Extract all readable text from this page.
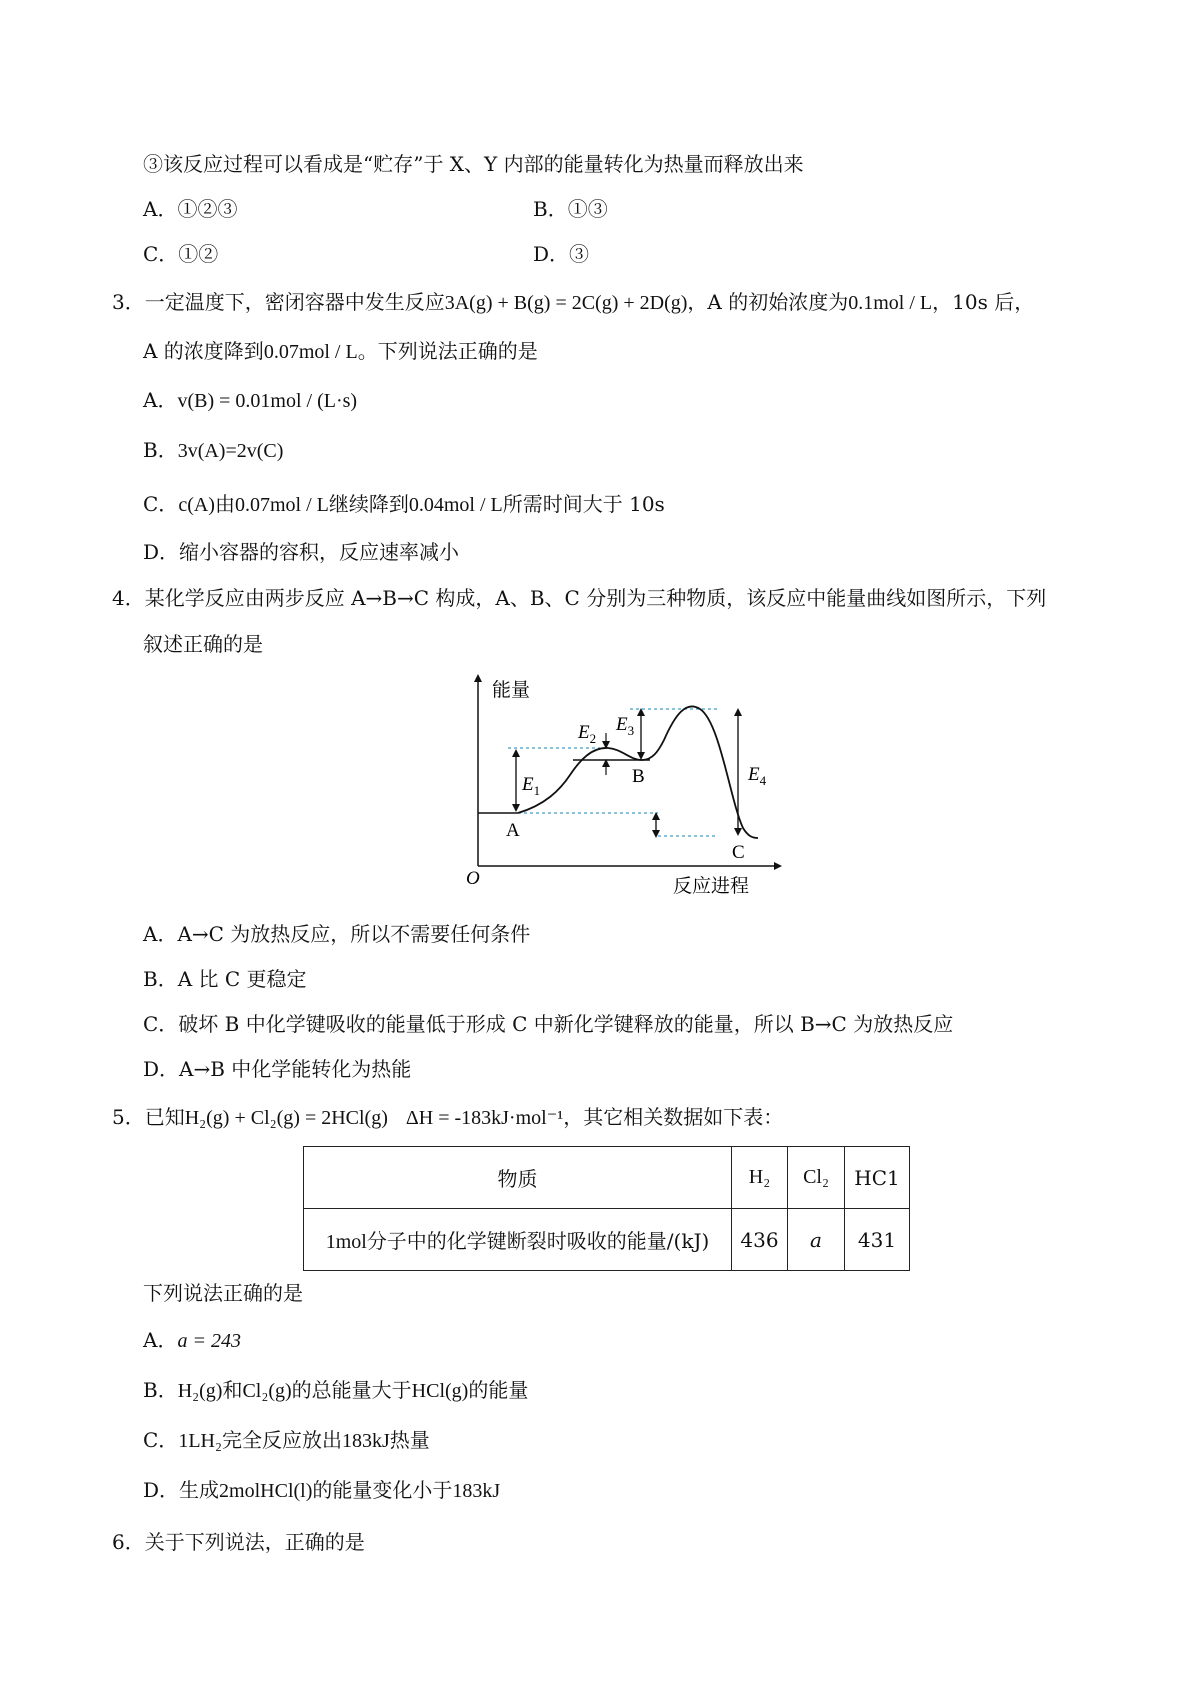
③该反应过程可以看成是“贮存”于 X、Y 内部的能量转化为热量而释放出来
A．①②③	B．①③
C．①②	D．③
3．一定温度下，密闭容器中发生反应3A(g) + B(g) = 2C(g) + 2D(g)，A 的初始浓度为0.1mol / L，10s 后，
A 的浓度降到0.07mol / L。下列说法正确的是
A．v(B) = 0.01mol / (L·s)
B．3v(A)=2v(C)
C．c(A)由0.07mol / L继续降到0.04mol / L所需时间大于 10s
D．缩小容器的容积，反应速率减小
4．某化学反应由两步反应 A→B→C 构成，A、B、C 分别为三种物质，该反应中能量曲线如图所示，下列
叙述正确的是
能量
反应进程
O
$E_1$
$E_2$
$E_3$
$E_4$
A
B
C
A．A→C 为放热反应，所以不需要任何条件
B．A 比 C 更稳定
C．破坏 B 中化学键吸收的能量低于形成 C 中新化学键释放的能量，所以 B→C 为放热反应
D．A→B 中化学能转化为热能
5．已知H₂(g) + Cl₂(g) = 2HCl(g) ΔH = -183kJ·mol⁻¹，其它相关数据如下表：
物质	H₂	Cl₂	HC1
1mol分子中的化学键断裂时吸收的能量/(kJ)	436	a	431
下列说法正确的是
A．a = 243
B．H₂(g)和Cl₂(g)的总能量大于HCl(g)的能量
C．1LH₂完全反应放出183kJ热量
D．生成2molHCl(l)的能量变化小于183kJ
6．关于下列说法，正确的是
